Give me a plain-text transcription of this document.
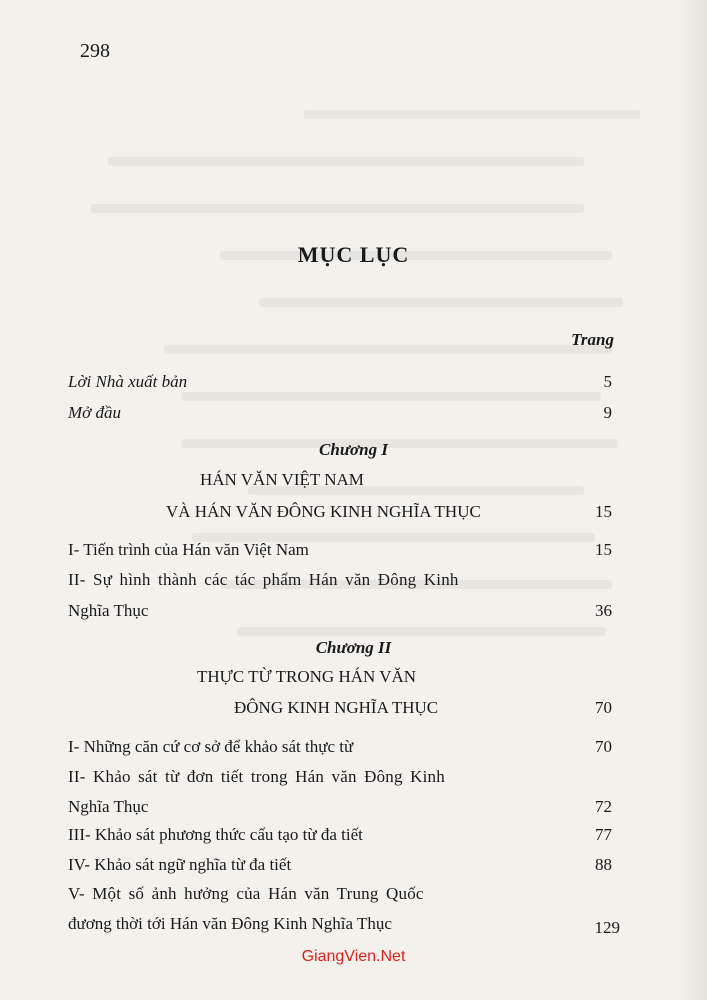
298
MỤC LỤC
Trang
Lời Nhà xuất bản	5
Mở đầu	9
Chương I
HÁN VĂN VIỆT NAM
VÀ HÁN VĂN ĐÔNG KINH NGHĨA THỤC	15
I- Tiến trình của Hán văn Việt Nam	15
II- Sự hình thành các tác phẩm Hán văn Đông Kinh
Nghĩa Thục	36
Chương II
THỰC TỪ TRONG HÁN VĂN
ĐÔNG KINH NGHĨA THỤC	70
I- Những căn cứ cơ sở để khảo sát thực từ	70
II- Khảo sát từ đơn tiết trong Hán văn Đông Kinh
Nghĩa Thục	72
III- Khảo sát phương thức cấu tạo từ đa tiết	77
IV- Khảo sát ngữ nghĩa từ đa tiết	88
V- Một số ảnh hưởng của Hán văn Trung Quốc
đương thời tới Hán văn Đông Kinh Nghĩa Thục	129
GiangVien.Net
